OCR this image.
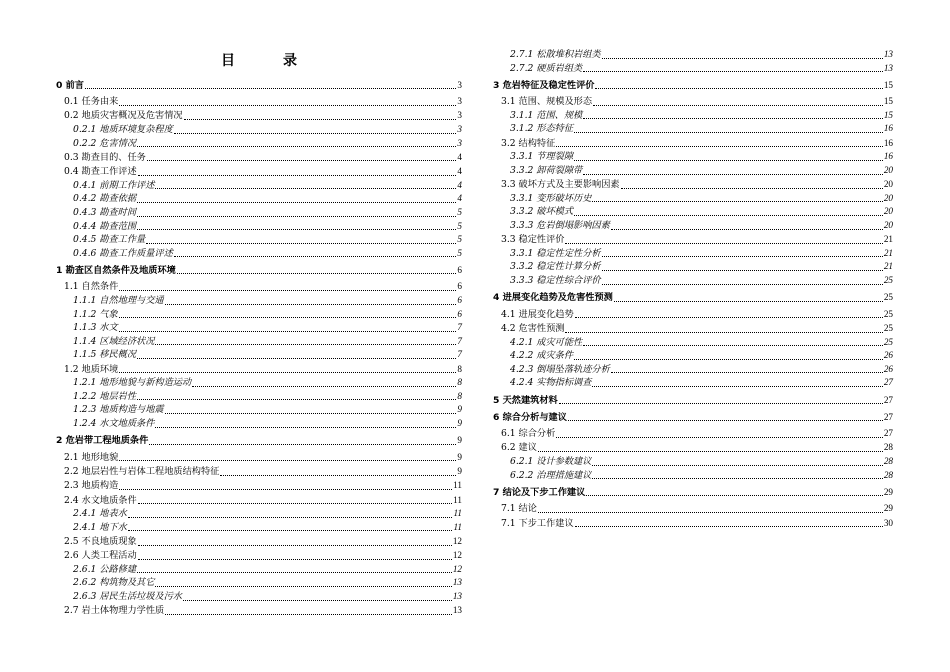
目	录
0 前言	3
0.1 任务由来	3
0.2 地质灾害概况及危害情况	3
0.2.1 地质环境复杂程度	3
0.2.2 危害情况	3
0.3 勘查目的、任务	4
0.4 勘查工作评述	4
0.4.1 前期工作评述	4
0.4.2 勘查依据	4
0.4.3 勘查时间	5
0.4.4 勘查范围	5
0.4.5 勘查工作量	5
0.4.6 勘查工作质量评述	5
1 勘查区自然条件及地质环境	6
1.1 自然条件	6
1.1.1 自然地理与交通	6
1.1.2 气象	6
1.1.3 水文	7
1.1.4 区域经济状况	7
1.1.5 移民概况	7
1.2 地质环境	8
1.2.1 地形地貌与新构造运动	8
1.2.2 地层岩性	8
1.2.3 地质构造与地震	9
1.2.4 水文地质条件	9
2 危岩带工程地质条件	9
2.1 地形地貌	9
2.2 地层岩性与岩体工程地质结构特征	9
2.3 地质构造	11
2.4 水文地质条件	11
2.4.1 地表水	11
2.4.1 地下水	11
2.5 不良地质现象	12
2.6 人类工程活动	12
2.6.1 公路修建	12
2.6.2 构筑物及其它	13
2.6.3 居民生活垃圾及污水	13
2.7 岩土体物理力学性质	13
2.7.1 松散堆积岩组类	13
2.7.2 硬质岩组类	13
3 危岩特征及稳定性评价	15
3.1 范围、规模及形态	15
3.1.1 范围、规模	15
3.1.2 形态特征	16
3.2 结构特征	16
3.3.1 节理裂隙	16
3.3.2 卸荷裂隙带	20
3.3 破坏方式及主要影响因素	20
3.3.1 变形破坏历史	20
3.3.2 破坏模式	20
3.3.3 危岩倒塌影响因素	20
3.3 稳定性评价	21
3.3.1 稳定性定性分析	21
3.3.2 稳定性计算分析	21
3.3.3 稳定性综合评价	25
4 进展变化趋势及危害性预测	25
4.1 进展变化趋势	25
4.2 危害性预测	25
4.2.1 成灾可能性	25
4.2.2 成灾条件	26
4.2.3 倒塌坠落轨迹分析	26
4.2.4 实物指标调查	27
5 天然建筑材料	27
6 综合分析与建议	27
6.1 综合分析	27
6.2 建议	28
6.2.1 设计参数建议	28
6.2.2 治理措施建议	28
7 结论及下步工作建议	29
7.1 结论	29
7.1 下步工作建议	30
